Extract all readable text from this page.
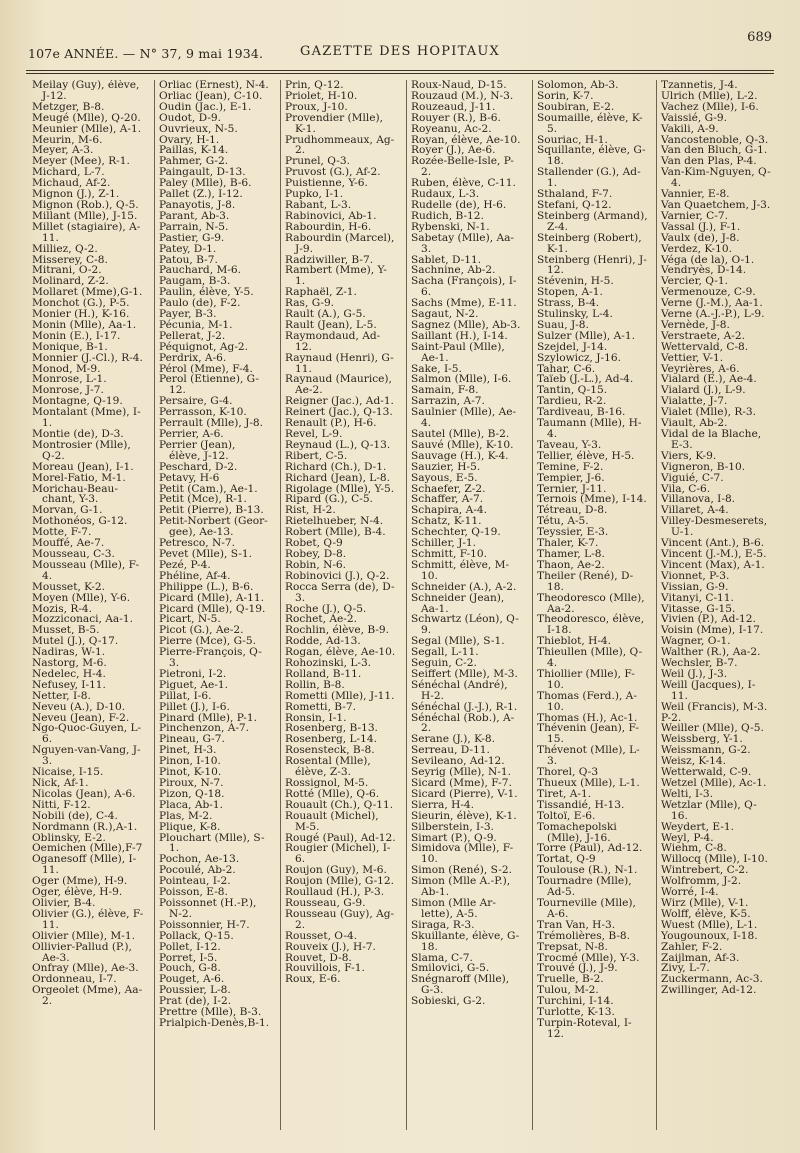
107e ANNÉE. — N° 37, 9 mai 1934.	GAZETTE DES HOPITAUX
689
Meilay (Guy), élève, J-12.
Metzger, B-8.
Meugé (Mlle), Q-20.
Meunier (Mlle), A-1.
Meurin, M-6.
Meyer, A-3.
Meyer (Mee), R-1.
Michard, L-7.
Michaud, Af-2.
Mignon (J.), Z-1.
Mignon (Rob.), Q-5.
Millant (Mlle), J-15.
Millet (stagiaire), A-11.
Milliez, Q-2.
Misserey, C-8.
Mitrani, O-2.
Molinard, Z-2.
Mollaret (Mme),G-1.
Monchot (G.), P-5.
Monier (H.), K-16.
Monin (Mlle), Aa-1.
Monin (E.), I-17.
Monique, B-1.
Monnier (J.-Cl.), R-4.
Monod, M-9.
Monrose, L-1.
Monrose, J-7.
Montagne, Q-19.
Montalant (Mme), I-1.
Montie (de), D-3.
Montrosier (Mlle), Q-2.
Moreau (Jean), I-1.
Morel-Fatio, M-1.
Morichau-Beau-chant, Y-3.
Morvan, G-1.
Mothonéos, G-12.
Motte, F-7.
Mouffé, Ae-7.
Mousseau, C-3.
Mousseau (Mlle), F-4.
Mousset, K-2.
Moyen (Mlle), Y-6.
Mozis, R-4.
Mozziconaci, Aa-1.
Musset, B-5.
Mutel (J.), Q-17.
Nadiras, W-1.
Nastorg, M-6.
Nedelec, H-4.
Nefusey, I-11.
Netter, I-8.
Neveu (A.), D-10.
Neveu (Jean), F-2.
Ngo-Quoc-Guyen, L-6.
Nguyen-van-Vang, J-3.
Nicaise, I-15.
Nick, Af-1.
Nicolas (Jean), A-6.
Nitti, F-12.
Nobili (de), C-4.
Nordmann (R.),A-1.
Oblinsky, E-2.
Oemichen (Mlle),F-7
Oganesoff (Mlle), I-11.
Oger (Mme), H-9.
Oger, élève, H-9.
Olivier, B-4.
Olivier (G.), élève, F-11.
Olivier (Mlle), M-1.
Ollivier-Pallud (P.), Ae-3.
Onfray (Mlle), Ae-3.
Ordonneau, I-7.
Orgeolet (Mme), Aa-2.
Orliac (Ernest), N-4.
Orliac (Jean), C-10.
Oudin (Jac.), E-1.
Oudot, D-9.
Ouvrieux, N-5.
Ovary, H-1.
Paillas, K-14.
Pahmer, G-2.
Paingault, D-13.
Paley (Mlle), B-6.
Pallet (Z.), I-12.
Panayotis, J-8.
Parant, Ab-3.
Parrain, N-5.
Pastier, G-9.
Patey, D-1.
Patou, B-7.
Pauchard, M-6.
Paugam, B-3.
Paulin, élève, Y-5.
Paulo (de), F-2.
Payer, B-3.
Pécunia, M-1.
Pellerat, J-2.
Péquignot, Ag-2.
Perdrix, A-6.
Pérol (Mme), F-4.
Perol (Etienne), G-12.
Persaire, G-4.
Perrasson, K-10.
Perrault (Mlle), J-8.
Perrier, A-6.
Perrier (Jean), élève, J-12.
Peschard, D-2.
Petavy, H-6
Petit (Cam.), Ae-1.
Petit (Mce), R-1.
Petit (Pierre), B-13.
Petit-Norbert (Geor-gee), Ae-13.
Petresco, N-7.
Pevet (Mlle), S-1.
Pezé, P-4.
Phéline, Af-4.
Philippe (L.), B-6.
Picard (Mlle), A-11.
Picard (Mlle), Q-19.
Picart, N-5.
Picot (G.), Ae-2.
Pierre (Mce), G-5.
Pierre-François, Q-3.
Pietroni, I-2.
Piguet, Ae-1.
Pillat, I-6.
Pillet (J.), I-6.
Pinard (Mlle), P-1.
Pinchenzon, A-7.
Pineau, G-7.
Pinet, H-3.
Pinon, I-10.
Pinot, K-10.
Piroux, N-7.
Pizon, Q-18.
Placa, Ab-1.
Plas, M-2.
Plique, K-8.
Plouchart (Mlle), S-1.
Pochon, Ae-13.
Pocoulé, Ab-2.
Pointeau, I-2.
Poisson, E-8.
Poissonnet (H.-P.), N-2.
Poissonnier, H-7.
Pollack, Q-15.
Pollet, I-12.
Porret, I-5.
Pouch, G-8.
Pouget, A-6.
Poussier, L-8.
Prat (de), I-2.
Prettre (Mlle), B-3.
Prialpich-Denès,B-1.
Prin, Q-12.
Priolet, H-10.
Proux, J-10.
Provendier (Mlle), K-1.
Prudhommeaux, Ag-2.
Prunel, Q-3.
Pruvost (G.), Af-2.
Puistienne, Y-6.
Pupko, I-1.
Rabant, L-3.
Rabinovici, Ab-1.
Rabourdin, H-6.
Rabourdin (Marcel), J-9.
Radziwiller, B-7.
Rambert (Mme), Y-1.
Raphaël, Z-1.
Ras, G-9.
Rault (A.), G-5.
Rault (Jean), L-5.
Raymondaud, Ad-12.
Raynaud (Henri), G-11.
Raynaud (Maurice), Ae-2.
Reigner (Jac.), Ad-1.
Reinert (Jac.), Q-13.
Renault (P.), H-6.
Revel, L-9.
Reynaud (L.), Q-13.
Ribert, C-5.
Richard (Ch.), D-1.
Richard (Jean), L-8.
Rigolage (Mlle), Y-5.
Ripard (G.), C-5.
Rist, H-2.
Rietelhueber, N-4.
Robert (Mlle), B-4.
Robet, Q-9
Robey, D-8.
Robin, N-6.
Robinovici (J.), Q-2.
Rocca Serra (de), D-3.
Roche (J.), Q-5.
Rochet, Ae-2.
Rochlin, élève, B-9.
Rodde, Ad-13.
Rogan, élève, Ae-10.
Rohozinski, L-3.
Rolland, B-11.
Rollin, B-8.
Rometti (Mlle), J-11.
Rometti, B-7.
Ronsin, I-1.
Rosenberg, B-13.
Rosenberg, L-14.
Rosensteck, B-8.
Rosental (Mlle), élève, Z-3.
Rossignol, M-5.
Rotté (Mlle), Q-6.
Rouault (Ch.), Q-11.
Rouault (Michel), M-5.
Rougé (Paul), Ad-12.
Rougier (Michel), I-6.
Roujon (Guy), M-6.
Roujon (Mlle), G-12.
Roullaud (H.), P-3.
Rousseau, G-9.
Rousseau (Guy), Ag-2.
Rousset, O-4.
Rouveix (J.), H-7.
Rouvet, D-8.
Rouvillois, F-1.
Roux, E-6.
Roux-Naud, D-15.
Rouzaud (M.), N-3.
Rouzeaud, J-11.
Rouyer (R.), B-6.
Royeanu, Ac-2.
Royan, élève, Ae-10.
Royer (J.), Ae-6.
Rozée-Belle-Isle, P-2.
Ruben, élève, C-11.
Rudaux, L-3.
Rudelle (de), H-6.
Rudich, B-12.
Rybenski, N-1.
Sabetay (Mlle), Aa-3.
Sablet, D-11.
Sachnine, Ab-2.
Sacha (François), I-6.
Sachs (Mme), E-11.
Sagaut, N-2.
Sagnez (Mlle), Ab-3.
Saillant (H.), I-14.
Saint-Paul (Mlle), Ae-1.
Sake, I-5.
Salmon (Mlle), I-6.
Samain, F-8.
Sarrazin, A-7.
Saulnier (Mlle), Ae-4.
Sautel (Mlle), B-2.
Sauvé (Mlle), K-10.
Sauvage (H.), K-4.
Sauzier, H-5.
Sayous, E-5.
Schaefer, Z-2.
Schaffer, A-7.
Schapira, A-4.
Schatz, K-11.
Schechter, Q-19.
Schiller, J-1.
Schmitt, F-10.
Schmitt, élève, M-10.
Schneider (A.), A-2.
Schneider (Jean), Aa-1.
Schwartz (Léon), Q-9.
Segal (Mlle), S-1.
Segall, L-11.
Seguin, C-2.
Seiffert (Mlle), M-3.
Sénéchal (André), H-2.
Sénéchal (J.-J.), R-1.
Sénéchal (Rob.), A-2.
Serane (J.), K-8.
Serreau, D-11.
Sevileano, Ad-12.
Seyrig (Mlle), N-1.
Sicard (Mme), F-7.
Sicard (Pierre), V-1.
Sierra, H-4.
Sieurin, élève), K-1.
Silberstein, I-3.
Simart (P.), Q-9.
Simidova (Mlle), F-10.
Simon (René), S-2.
Simon (Mlle A.-P.), Ab-1.
Simon (Mlle Ar-lette), A-5.
Siraga, R-3.
Skuillante, élève, G-18.
Slama, C-7.
Smilovici, G-5.
Snégnaroff (Mlle), G-3.
Sobieski, G-2.
Solomon, Ab-3.
Sorin, K-7.
Soubiran, E-2.
Soumaille, élève, K-5.
Souriac, H-1.
Squillante, élève, G-18.
Stallender (G.), Ad-1.
Sthaland, F-7.
Stefani, Q-12.
Steinberg (Armand), Z-4.
Steinberg (Robert), K-1.
Steinberg (Henri), J-12.
Stévenin, H-5.
Stopen, A-1.
Strass, B-4.
Stulinsky, L-4.
Suau, J-8.
Sulzer (Mlle), A-1.
Szejdel, J-14.
Szylowicz, J-16.
Tahar, C-6.
Taïeb (J.-L.), Ad-4.
Tantin, Q-15.
Tardieu, R-2.
Tardiveau, B-16.
Taumann (Mlle), H-4.
Taveau, Y-3.
Tellier, élève, H-5.
Temine, F-2.
Tempier, J-6.
Ternier, J-11.
Ternois (Mme), I-14.
Tétreau, D-8.
Tétu, A-5.
Teyssier, E-3.
Thaler, K-7.
Thamer, L-8.
Thaon, Ae-2.
Theiler (René), D-18.
Theodoresco (Mlle), Aa-2.
Theodoresco, élève, I-18.
Thieblot, H-4.
Thieullen (Mlle), Q-4.
Thiollier (Mlle), F-10.
Thomas (Ferd.), A-10.
Thomas (H.), Ac-1.
Thévenin (Jean), F-15.
Thévenot (Mlle), L-3.
Thorel, Q-3
Thueux (Mlle), L-1.
Tiret, A-1.
Tissandié, H-13.
Toltoï, E-6.
Tomachepolski (Mlle), J-16.
Torre (Paul), Ad-12.
Tortat, Q-9
Toulouse (R.), N-1.
Tournadre (Mlle), Ad-5.
Tourneville (Mlle), A-6.
Tran Van, H-3.
Trémolières, B-8.
Trepsat, N-8.
Trocmé (Mlle), Y-3.
Trouvé (J.), J-9.
Truelle, B-2.
Tulou, M-2.
Turchini, I-14.
Turlotte, K-13.
Turpin-Roteval, I-12.
Tzannetis, J-4.
Ulrich (Mlle), L-2.
Vachez (Mlle), I-6.
Vaissié, G-9.
Vakili, A-9.
Vancostenoble, Q-3.
Van den Bluch, G-1.
Van den Plas, P-4.
Van-Kim-Nguyen, Q-4.
Vannier, E-8.
Van Quaetchem, J-3.
Varnier, C-7.
Vassal (J.), F-1.
Vaulx (de), J-8.
Verdez, K-10.
Véga (de la), O-1.
Vendryès, D-14.
Vercier, Q-1.
Vermenouze, C-9.
Verne (J.-M.), Aa-1.
Verne (A.-J.-P.), L-9.
Vernède, J-8.
Verstraete, A-2.
Wettervald, C-8.
Vettier, V-1.
Veyrières, A-6.
Vialard (E.), Ae-4.
Vialard (J.), L-9.
Vialatte, J-7.
Vialet (Mlle), R-3.
Viault, Ab-2.
Vidal de la Blache, E-3.
Viers, K-9.
Vigneron, B-10.
Viguié, C-7.
Vila, C-6.
Villanova, I-8.
Villaret, A-4.
Villey-Desmeserets, U-1.
Vincent (Ant.), B-6.
Vincent (J.-M.), E-5.
Vincent (Max), A-1.
Vionnet, P-3.
Vissian, G-9.
Vitanyi, C-11.
Vitasse, G-15.
Vivien (P.), Ad-12.
Voisin (Mme), I-17.
Wagner, O-1.
Walther (R.), Aa-2.
Wechsler, B-7.
Weil (J.), J-3.
Weill (Jacques), I-11.
Weil (Francis), M-3.
P-2.
Weiller (Mlle), Q-5.
Weissberg, Y-1.
Weissmann, G-2.
Weisz, K-14.
Wetterwald, C-9.
Wetzel (Mlle), Ac-1.
Welti, I-3.
Wetzlar (Mlle), Q-16.
Weydert, E-1.
Weyl, P-4.
Wiehm, C-8.
Willocq (Mlle), I-10.
Wintrebert, C-2.
Wolfromm, J-2.
Worré, I-4.
Wirz (Mlle), V-1.
Wolff, élève, K-5.
Wuest (Mlle), L-1.
Yougounoux, I-18.
Zahler, F-2.
Zaijlman, Af-3.
Zivy, L-7.
Zuckermann, Ac-3.
Zwillinger, Ad-12.
